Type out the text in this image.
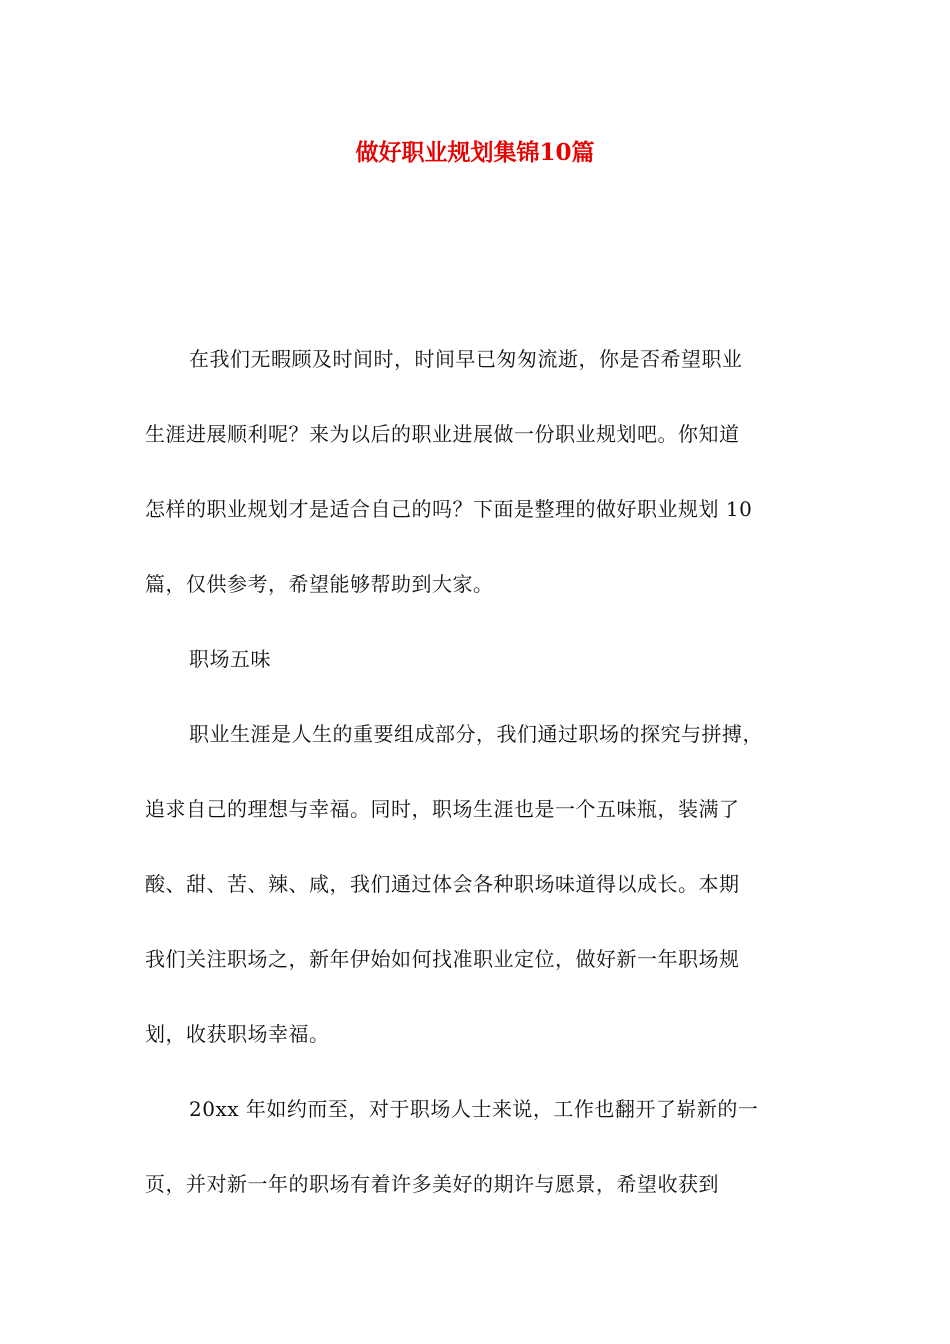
做好职业规划集锦10篇

在我们无暇顾及时间时，时间早已匆匆流逝，你是否希望职业
生涯进展顺利呢？来为以后的职业进展做一份职业规划吧。你知道
怎样的职业规划才是适合自己的吗？下面是整理的做好职业规划 10
篇，仅供参考，希望能够帮助到大家。

职场五味

职业生涯是人生的重要组成部分，我们通过职场的探究与拼搏，
追求自己的理想与幸福。同时，职场生涯也是一个五味瓶，装满了
酸、甜、苦、辣、咸，我们通过体会各种职场味道得以成长。本期
我们关注职场之，新年伊始如何找准职业定位，做好新一年职场规
划，收获职场幸福。

20xx 年如约而至，对于职场人士来说，工作也翻开了崭新的一
页，并对新一年的职场有着许多美好的期许与愿景，希望收获到
